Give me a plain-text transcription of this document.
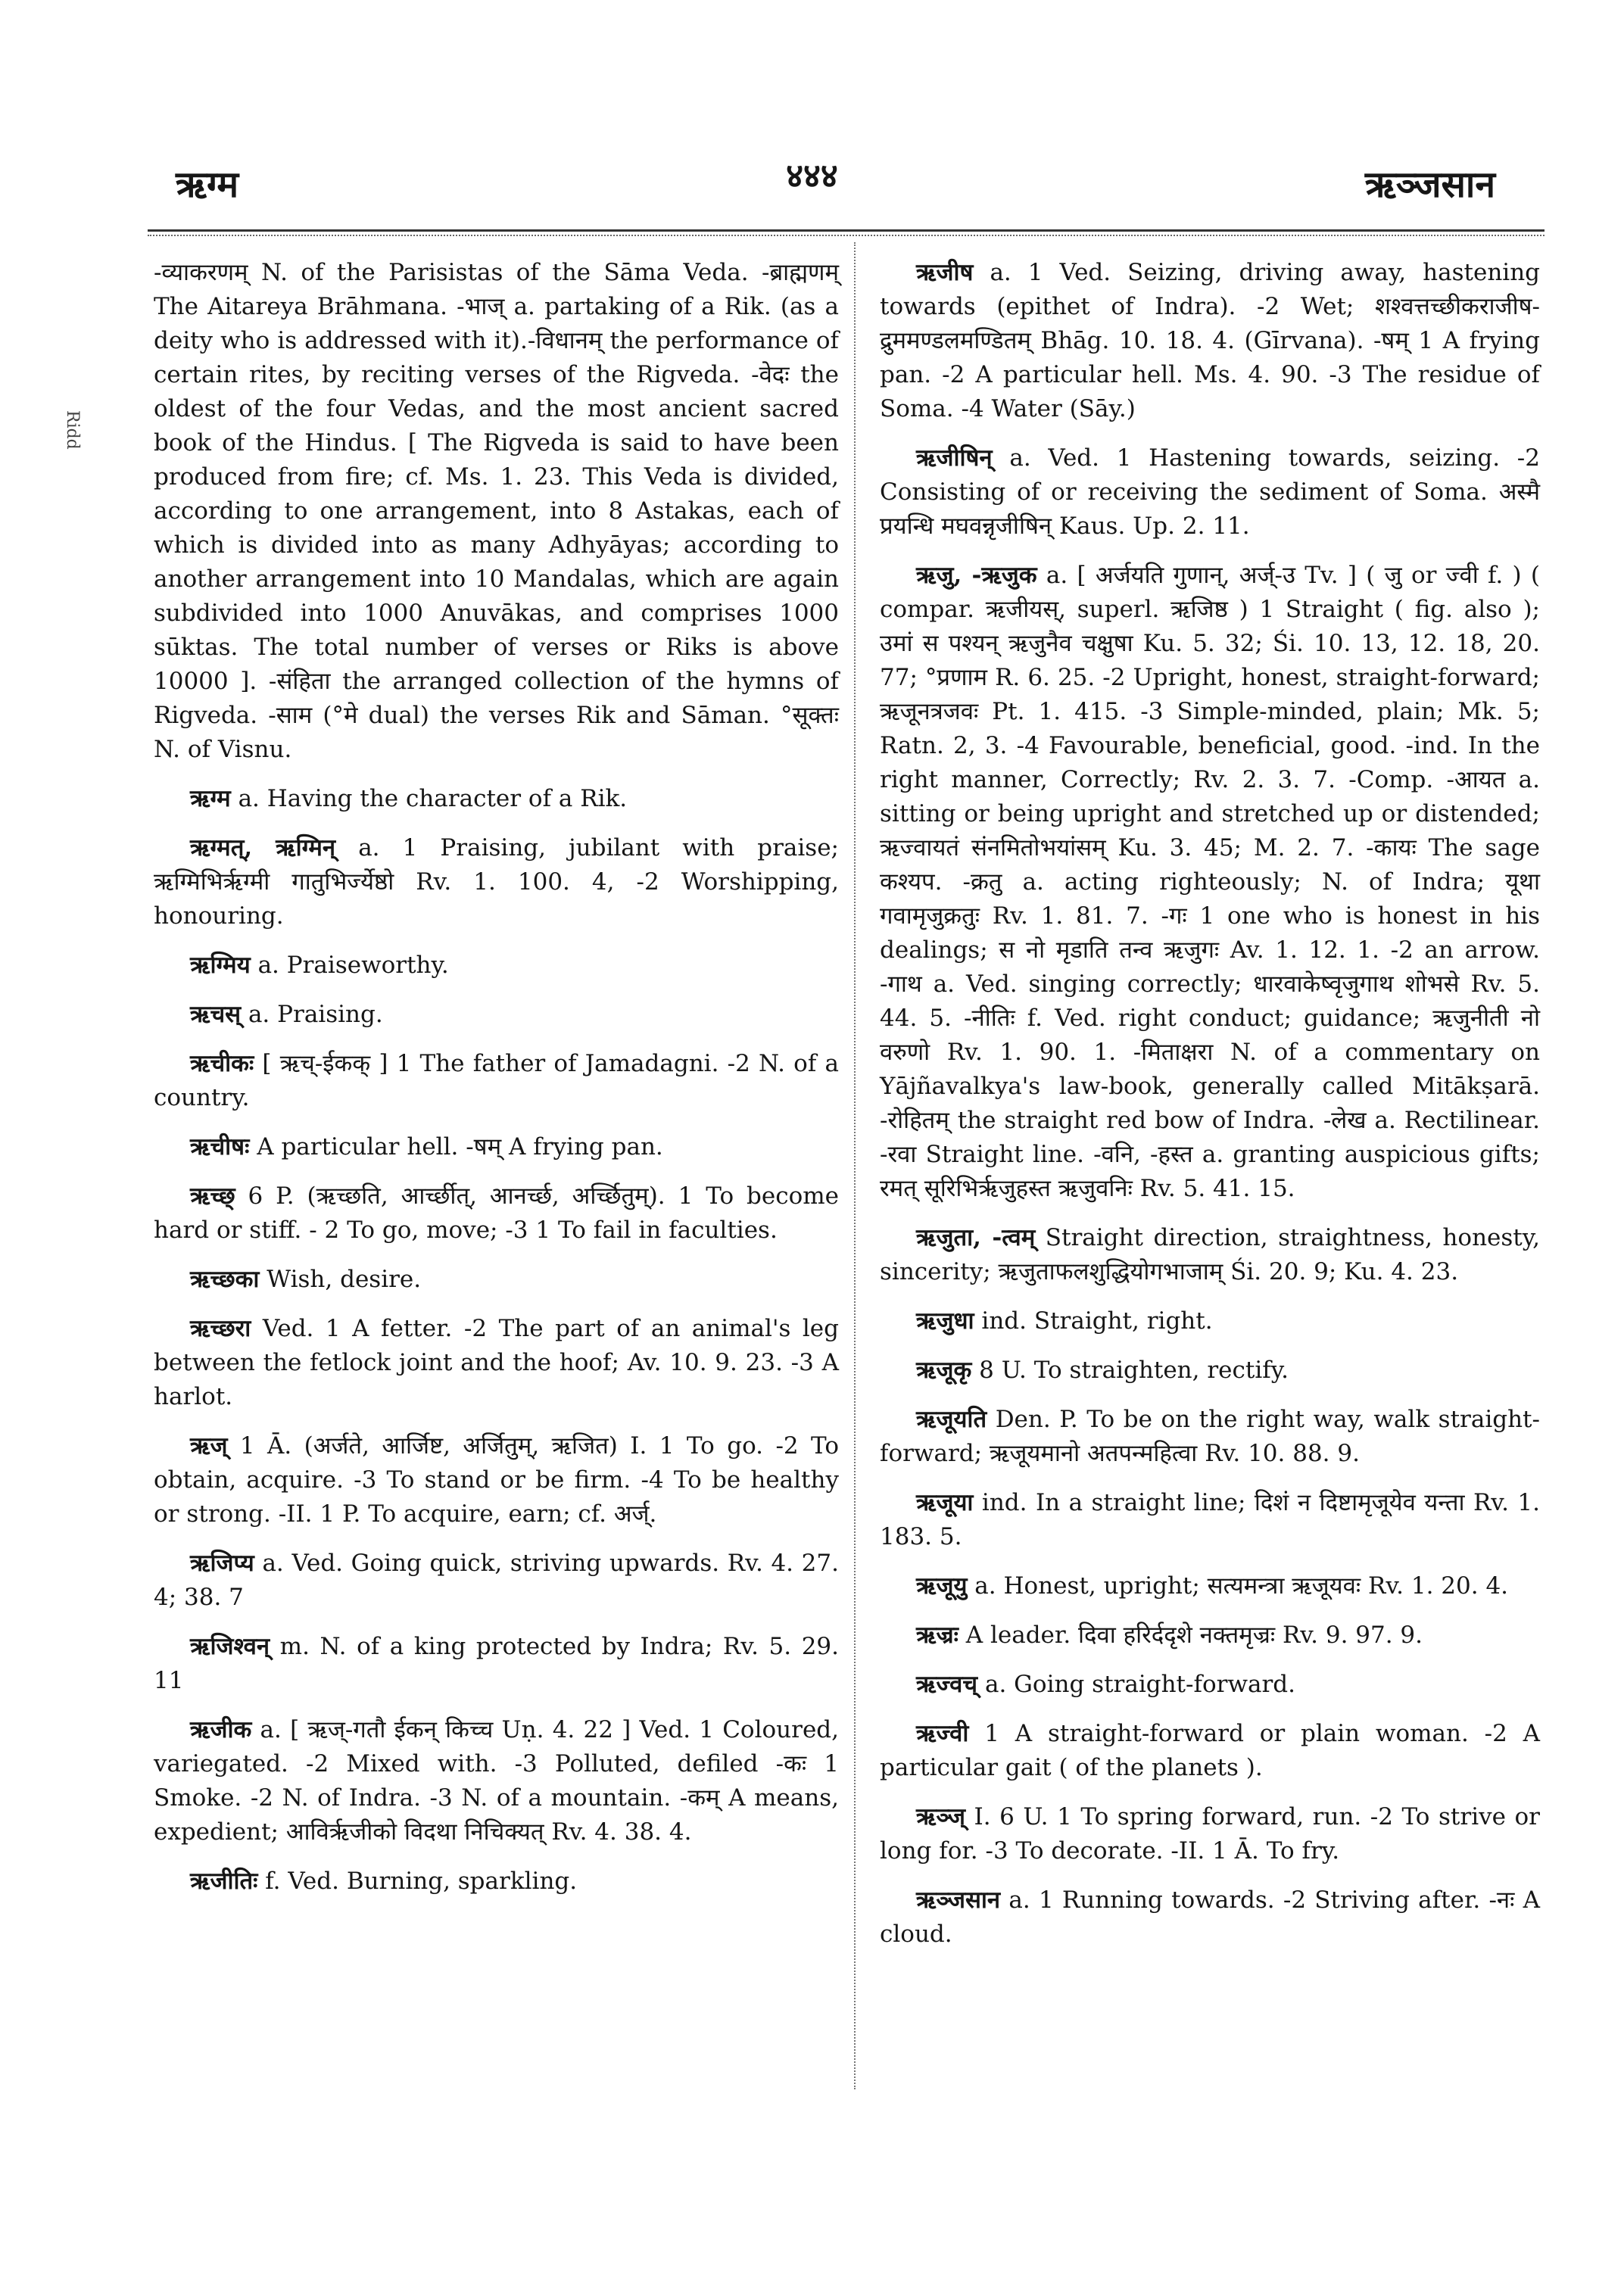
ऋग्म	४४४	ऋञ्जसान
Ridd

-व्याकरणम् N. of the Parisistas of the Sāma Veda. -ब्राह्मणम् The Aitareya Brāhmana. -भाज् a. partaking of a Rik. (as a deity who is addressed with it).-विधानम् the performance of certain rites, by reciting verses of the Rigveda. -वेदः the oldest of the four Vedas, and the most ancient sacred book of the Hindus. [ The Rigveda is said to have been produced from fire; cf. Ms. 1. 23. This Veda is divided, according to one arrangement, into 8 Astakas, each of which is divided into as many Adhyāyas; according to another arrangement into 10 Mandalas, which are again subdivided into 1000 Anuvākas, and comprises 1000 sūktas. The total number of verses or Riks is above 10000 ]. -संहिता the arranged collection of the hymns of Rigveda. -साम (°मे dual) the verses Rik and Sāman. °सूक्तः N. of Visnu.

ऋग्म a. Having the character of a Rik.

ऋग्मत्, ऋग्मिन् a. 1 Praising, jubilant with praise; ऋग्मिभिर्ऋग्मी गातुभिर्ज्येष्ठो Rv. 1. 100. 4, -2 Worshipping, honouring.

ऋग्मिय a. Praiseworthy.

ऋचस् a. Praising.

ऋचीकः [ ऋच्-ईकक् ] 1 The father of Jamadagni. -2 N. of a country.

ऋचीषः A particular hell. -षम् A frying pan.

ऋच्छ् 6 P. (ऋच्छति, आर्च्छीत्, आनर्च्छ, अर्च्छितुम्). 1 To become hard or stiff. - 2 To go, move; -3 1 To fail in faculties.

ऋच्छका Wish, desire.

ऋच्छरा Ved. 1 A fetter. -2 The part of an animal's leg between the fetlock joint and the hoof; Av. 10. 9. 23. -3 A harlot.

ऋज् 1 Ā. (अर्जते, आर्जिष्ट, अर्जितुम्, ऋजित) I. 1 To go. -2 To obtain, acquire. -3 To stand or be firm. -4 To be healthy or strong. -II. 1 P. To acquire, earn; cf. अर्ज्.

ऋजिप्य a. Ved. Going quick, striving upwards. Rv. 4. 27. 4; 38. 7

ऋजिश्वन् m. N. of a king protected by Indra; Rv. 5. 29. 11

ऋजीक a. [ ऋज्-गतौ ईकन् किच्च Uṇ. 4. 22 ] Ved. 1 Coloured, variegated. -2 Mixed with. -3 Polluted, defiled -कः 1 Smoke. -2 N. of Indra. -3 N. of a mountain. -कम् A means, expedient; आविर्ऋजीको विदथा निचिक्यत् Rv. 4. 38. 4.

ऋजीतिः f. Ved. Burning, sparkling.

ऋजीष a. 1 Ved. Seizing, driving away, hastening towards (epithet of Indra). -2 Wet; शश्वत्तच्छीकराजीष-द्रुममण्डलमण्डितम् Bhāg. 10. 18. 4. (Gīrvana). -षम् 1 A frying pan. -2 A particular hell. Ms. 4. 90. -3 The residue of Soma. -4 Water (Sāy.)

ऋजीषिन् a. Ved. 1 Hastening towards, seizing. -2 Consisting of or receiving the sediment of Soma. अस्मै प्रयन्धि मघवन्नृजीषिन् Kaus. Up. 2. 11.

ऋजु, -ऋजुक a. [ अर्जयति गुणान्, अर्ज्-उ Tv. ] ( जु or ज्वी f. ) ( compar. ऋजीयस्, superl. ऋजिष्ठ ) 1 Straight ( fig. also ); उमां स पश्यन् ऋजुनैव चक्षुषा Ku. 5. 32; Śi. 10. 13, 12. 18, 20. 77; °प्रणाम R. 6. 25. -2 Upright, honest, straight-forward; ऋजूनत्रजवः Pt. 1. 415. -3 Simple-minded, plain; Mk. 5; Ratn. 2, 3. -4 Favourable, beneficial, good. -ind. In the right manner, Correctly; Rv. 2. 3. 7. -Comp. -आयत a. sitting or being upright and stretched up or distended; ऋज्वायतं संनमितोभयांसम् Ku. 3. 45; M. 2. 7. -कायः The sage कश्यप. -क्रतु a. acting righteously; N. of Indra; यूथा गवामृजुक्रतुः Rv. 1. 81. 7. -गः 1 one who is honest in his dealings; स नो मृडाति तन्व ऋजुगः Av. 1. 12. 1. -2 an arrow. -गाथ a. Ved. singing correctly; धारवाकेष्वृजुगाथ शोभसे Rv. 5. 44. 5. -नीतिः f. Ved. right conduct; guidance; ऋजुनीती नो वरुणो Rv. 1. 90. 1. -मिताक्षरा N. of a commentary on Yājñavalkya's law-book, generally called Mitākṣarā. -रोहितम् the straight red bow of Indra. -लेख a. Rectilinear. -रवा Straight line. -वनि, -हस्त a. granting auspicious gifts; रमत् सूरिभिर्ऋजुहस्त ऋजुवनिः Rv. 5. 41. 15.

ऋजुता, -त्वम् Straight direction, straightness, honesty, sincerity; ऋजुताफलशुद्धियोगभाजाम् Śi. 20. 9; Ku. 4. 23.

ऋजुधा ind. Straight, right.

ऋजूकृ 8 U. To straighten, rectify.

ऋजूयति Den. P. To be on the right way, walk straight-forward; ऋजूयमानो अतपन्महित्वा Rv. 10. 88. 9.

ऋजूया ind. In a straight line; दिशं न दिष्टामृजूयेव यन्ता Rv. 1. 183. 5.

ऋजूयु a. Honest, upright; सत्यमन्त्रा ऋजूयवः Rv. 1. 20. 4.

ऋज्रः A leader. दिवा हरिर्ददृशे नक्तमृज्रः Rv. 9. 97. 9.

ऋज्वच् a. Going straight-forward.

ऋज्वी 1 A straight-forward or plain woman. -2 A particular gait ( of the planets ).

ऋञ्ज् I. 6 U. 1 To spring forward, run. -2 To strive or long for. -3 To decorate. -II. 1 Ā. To fry.

ऋञ्जसान a. 1 Running towards. -2 Striving after. -नः A cloud.
